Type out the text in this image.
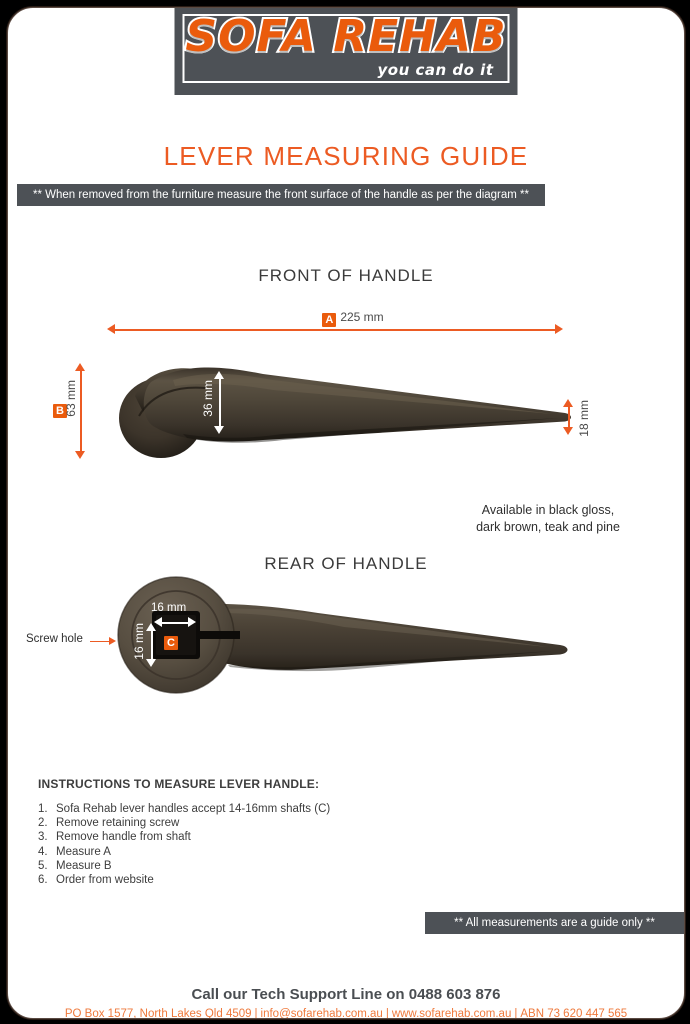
SOFA REHAB
you can do it
LEVER MEASURING GUIDE
** When removed from the furniture measure the front surface of the handle as per the diagram **
FRONT OF HANDLE
A 225 mm
B 63 mm	36 mm
18 mm
Available in black gloss,
dark brown, teak and pine
REAR OF HANDLE
16 mm
16 mm C
Screw hole
INSTRUCTIONS TO MEASURE LEVER HANDLE:
1. Sofa Rehab lever handles accept 14-16mm shafts (C)
2. Remove retaining screw
3. Remove handle from shaft
4. Measure A
5. Measure B
6. Order from website
** All measurements are a guide only **
Call our Tech Support Line on 0488 603 876
PO Box 1577, North Lakes Qld 4509 | info@sofarehab.com.au | www.sofarehab.com.au | ABN 73 620 447 565
